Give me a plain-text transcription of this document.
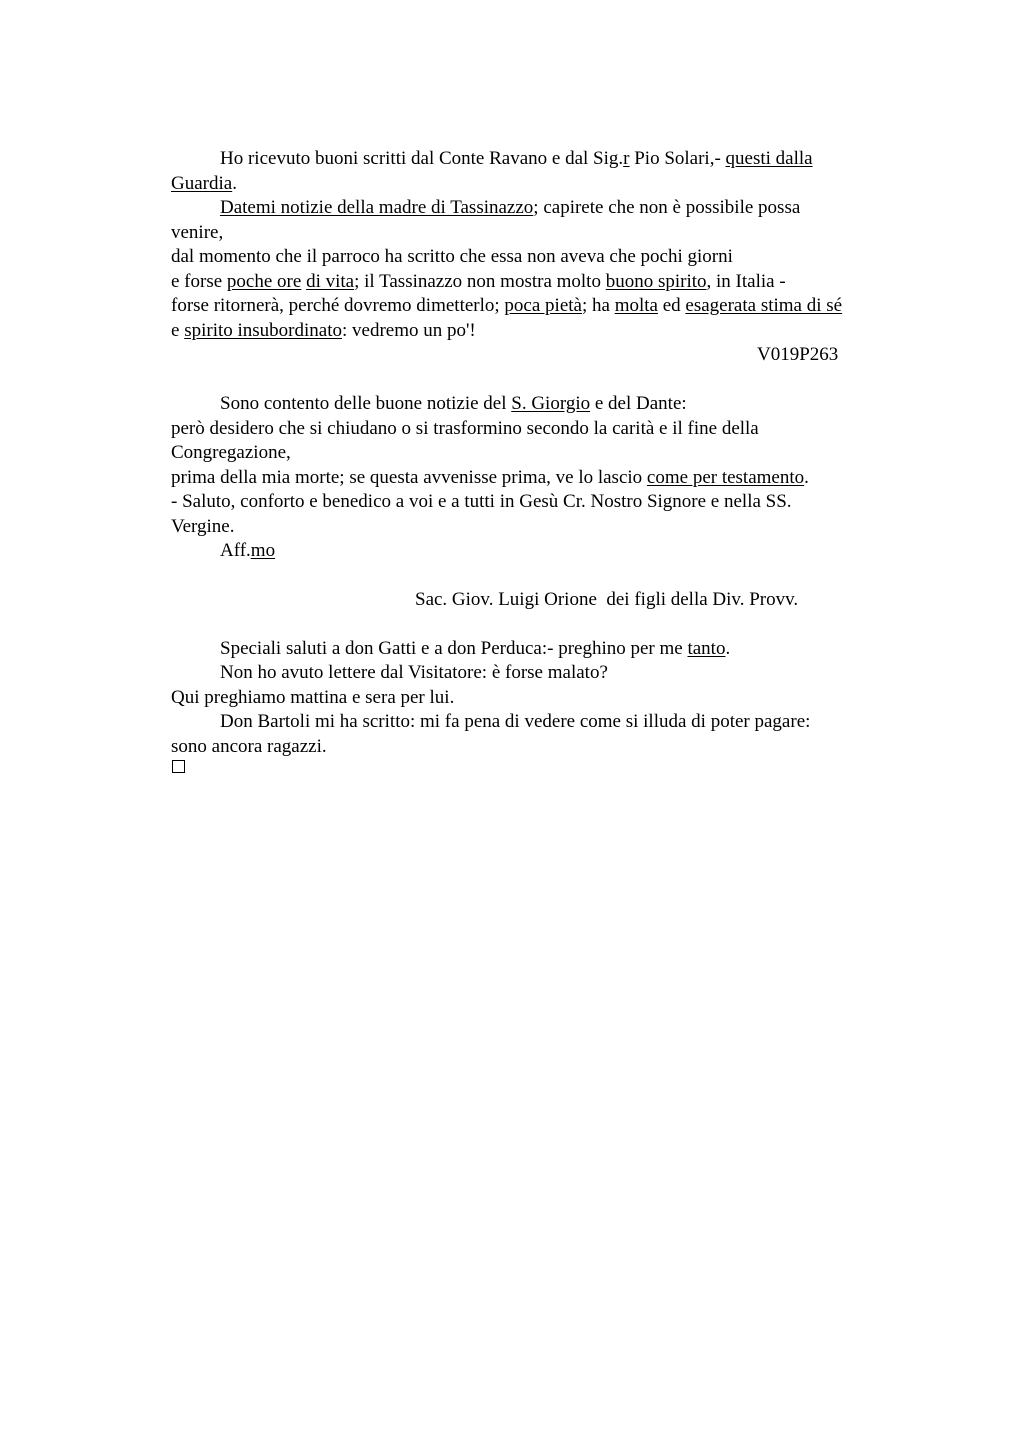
Ho ricevuto buoni scritti dal Conte Ravano e dal Sig.r Pio Solari,- questi dalla
Guardia.
Datemi notizie della madre di Tassinazzo; capirete che non è possibile possa
venire,
dal momento che il parroco ha scritto che essa non aveva che pochi giorni
e forse poche ore di vita; il Tassinazzo non mostra molto buono spirito, in Italia -
forse ritornerà, perché dovremo dimetterlo; poca pietà; ha molta ed esagerata stima di sé
e spirito insubordinato: vedremo un po'!
V019P263
Sono contento delle buone notizie del S. Giorgio e del Dante:
però desidero che si chiudano o si trasformino secondo la carità e il fine della
Congregazione,
prima della mia morte; se questa avvenisse prima, ve lo lascio come per testamento.
- Saluto, conforto e benedico a voi e a tutti in Gesù Cr. Nostro Signore e nella SS.
Vergine.
Aff.mo
Sac. Giov. Luigi Orione  dei figli della Div. Provv.
Speciali saluti a don Gatti e a don Perduca:- preghino per me tanto.
Non ho avuto lettere dal Visitatore: è forse malato?
Qui preghiamo mattina e sera per lui.
Don Bartoli mi ha scritto: mi fa pena di vedere come si illuda di poter pagare:
sono ancora ragazzi.
